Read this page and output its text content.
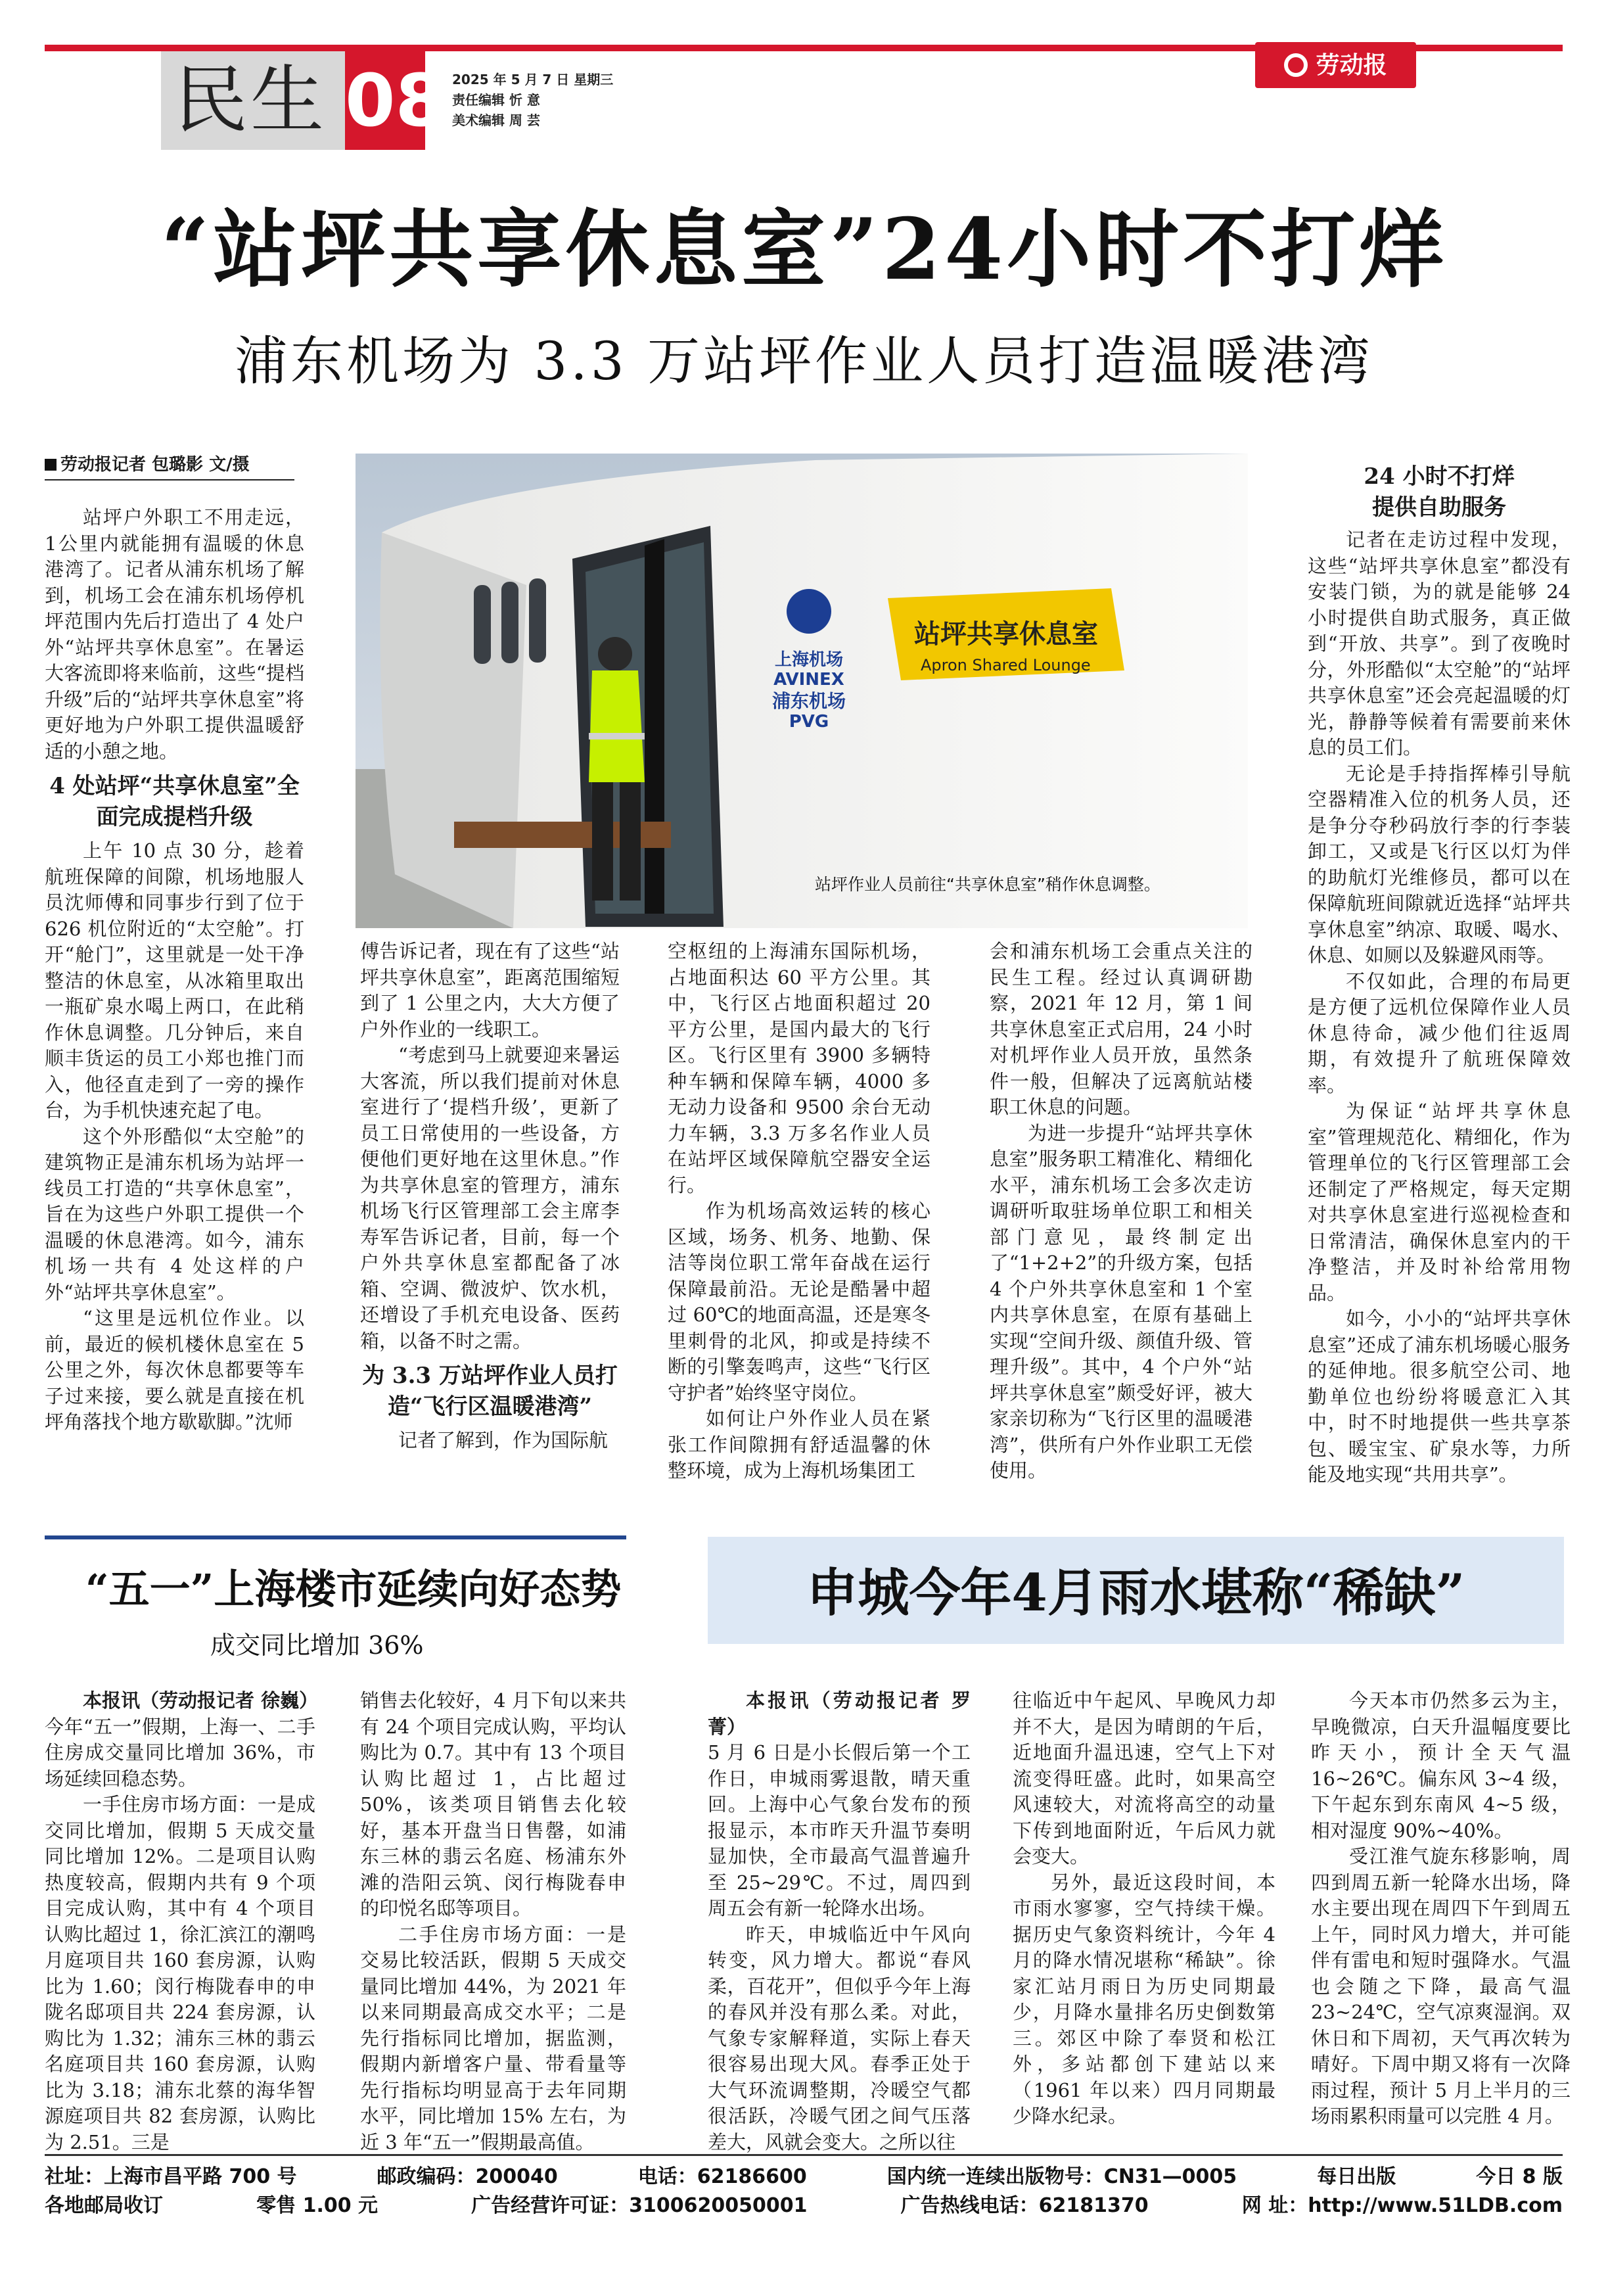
民生 08 2025 年 5 月 7 日 星期三
责任编辑 忻 意
美术编辑 周 芸
劳动报
“站坪共享休息室”24小时不打烊
浦东机场为 3.3 万站坪作业人员打造温暖港湾
劳动报记者 包璐影 文/摄

站坪户外职工不用走远，1公里内就能拥有温暖的休息港湾了。记者从浦东机场了解到，机场工会在浦东机场停机坪范围内先后打造出了 4 处户外“站坪共享休息室”。在暑运大客流即将来临前，这些“提档升级”后的“站坪共享休息室”将更好地为户外职工提供温暖舒适的小憩之地。

4 处站坪“共享休息室”全面完成提档升级

上午 10 点 30 分，趁着航班保障的间隙，机场地服人员沈师傅和同事步行到了位于 626 机位附近的“太空舱”。打开“舱门”，这里就是一处干净整洁的休息室，从冰箱里取出一瓶矿泉水喝上两口，在此稍作休息调整。几分钟后，来自顺丰货运的员工小郑也推门而入，他径直走到了一旁的操作台，为手机快速充起了电。

这个外形酷似“太空舱”的建筑物正是浦东机场为站坪一线员工打造的“共享休息室”，旨在为这些户外职工提供一个温暖的休息港湾。如今，浦东机场一共有 4 处这样的户外“站坪共享休息室”。

“这里是远机位作业。以前，最近的候机楼休息室在 5 公里之外，每次休息都要等车子过来接，要么就是直接在机坪角落找个地方歇歇脚。”沈师

上海机场
AVINEX
浦东机场
PVG
站坪共享休息室
Apron Shared Lounge
站坪作业人员前往“共享休息室”稍作休息调整。

傅告诉记者，现在有了这些“站坪共享休息室”，距离范围缩短到了 1 公里之内，大大方便了户外作业的一线职工。

“考虑到马上就要迎来暑运大客流，所以我们提前对休息室进行了‘提档升级’，更新了员工日常使用的一些设备，方便他们更好地在这里休息。”作为共享休息室的管理方，浦东机场飞行区管理部工会主席李寿军告诉记者，目前，每一个户外共享休息室都配备了冰箱、空调、微波炉、饮水机，还增设了手机充电设备、医药箱，以备不时之需。

为 3.3 万站坪作业人员打造“飞行区温暖港湾”

记者了解到，作为国际航

空枢纽的上海浦东国际机场，占地面积达 60 平方公里。其中，飞行区占地面积超过 20 平方公里，是国内最大的飞行区。飞行区里有 3900 多辆特种车辆和保障车辆，4000 多无动力设备和 9500 余台无动力车辆，3.3 万多名作业人员在站坪区域保障航空器安全运行。

作为机场高效运转的核心区域，场务、机务、地勤、保洁等岗位职工常年奋战在运行保障最前沿。无论是酷暑中超过 60℃的地面高温，还是寒冬里刺骨的北风，抑或是持续不断的引擎轰鸣声，这些“飞行区守护者”始终坚守岗位。

如何让户外作业人员在紧张工作间隙拥有舒适温馨的休整环境，成为上海机场集团工

会和浦东机场工会重点关注的民生工程。经过认真调研勘察，2021 年 12 月，第 1 间共享休息室正式启用，24 小时对机坪作业人员开放，虽然条件一般，但解决了远离航站楼职工休息的问题。

为进一步提升“站坪共享休息室”服务职工精准化、精细化水平，浦东机场工会多次走访调研听取驻场单位职工和相关部门意见，最终制定出了“1+2+2”的升级方案，包括 4 个户外共享休息室和 1 个室内共享休息室，在原有基础上实现“空间升级、颜值升级、管理升级”。其中，4 个户外“站坪共享休息室”颇受好评，被大家亲切称为“飞行区里的温暖港湾”，供所有户外作业职工无偿使用。

24 小时不打烊

提供自助服务

记者在走访过程中发现，这些“站坪共享休息室”都没有安装门锁，为的就是能够 24 小时提供自助式服务，真正做到“开放、共享”。到了夜晚时分，外形酷似“太空舱”的“站坪共享休息室”还会亮起温暖的灯光，静静等候着有需要前来休息的员工们。

无论是手持指挥棒引导航空器精准入位的机务人员，还是争分夺秒码放行李的行李装卸工，又或是飞行区以灯为伴的助航灯光维修员，都可以在保障航班间隙就近选择“站坪共享休息室”纳凉、取暖、喝水、休息、如厕以及躲避风雨等。

不仅如此，合理的布局更是方便了远机位保障作业人员休息待命，减少他们往返周期，有效提升了航班保障效率。

为保证“站坪共享休息室”管理规范化、精细化，作为管理单位的飞行区管理部工会还制定了严格规定，每天定期对共享休息室进行巡视检查和日常清洁，确保休息室内的干净整洁，并及时补给常用物品。

如今，小小的“站坪共享休息室”还成了浦东机场暖心服务的延伸地。很多航空公司、地勤单位也纷纷将暖意汇入其中，时不时地提供一些共享茶包、暖宝宝、矿泉水等，力所能及地实现“共用共享”。

“五一”上海楼市延续向好态势
成交同比增加 36%

本报讯（劳动报记者 徐巍）

今年“五一”假期，上海一、二手住房成交量同比增加 36%，市场延续回稳态势。

一手住房市场方面：一是成交同比增加，假期 5 天成交量同比增加 12%。二是项目认购热度较高，假期内共有 9 个项目完成认购，其中有 4 个项目认购比超过 1，徐汇滨江的潮鸣月庭项目共 160 套房源，认购比为 1.60；闵行梅陇春申的申陇名邸项目共 224 套房源，认购比为 1.32；浦东三林的翡云名庭项目共 160 套房源，认购比为 3.18；浦东北蔡的海华智源庭项目共 82 套房源，认购比为 2.51。三是

销售去化较好，4 月下旬以来共有 24 个项目完成认购，平均认购比为 0.7。其中有 13 个项目认购比超过 1，占比超过 50%，该类项目销售去化较好，基本开盘当日售罄，如浦东三林的翡云名庭、杨浦东外滩的浩阳云筑、闵行梅陇春申的印悦名邸等项目。

二手住房市场方面：一是交易比较活跃，假期 5 天成交量同比增加 44%，为 2021 年以来同期最高成交水平；二是先行指标同比增加，据监测，假期内新增客户量、带看量等先行指标均明显高于去年同期水平，同比增加 15% 左右，为近 3 年“五一”假期最高值。

申城今年4月雨水堪称“稀缺”

本报讯（劳动报记者 罗菁）

5 月 6 日是小长假后第一个工作日，申城雨雾退散，晴天重回。上海中心气象台发布的预报显示，本市昨天升温节奏明显加快，全市最高气温普遍升至 25~29℃。不过，周四到周五会有新一轮降水出场。

昨天，申城临近中午风向转变，风力增大。都说“春风柔，百花开”，但似乎今年上海的春风并没有那么柔。对此，气象专家解释道，实际上春天很容易出现大风。春季正处于大气环流调整期，冷暖空气都很活跃，冷暖气团之间气压落差大，风就会变大。之所以往

往临近中午起风、早晚风力却并不大，是因为晴朗的午后，近地面升温迅速，空气上下对流变得旺盛。此时，如果高空风速较大，对流将高空的动量下传到地面附近，午后风力就会变大。

另外，最近这段时间，本市雨水寥寥，空气持续干燥。据历史气象资料统计，今年 4 月的降水情况堪称“稀缺”。徐家汇站月雨日为历史同期最少，月降水量排名历史倒数第三。郊区中除了奉贤和松江外，多站都创下建站以来（1961 年以来）四月同期最少降水纪录。

今天本市仍然多云为主，早晚微凉，白天升温幅度要比昨天小，预计全天气温 16~26℃。偏东风 3~4 级，下午起东到东南风 4~5 级，相对湿度 90%~40%。

受江淮气旋东移影响，周四到周五新一轮降水出场，降水主要出现在周四下午到周五上午，同时风力增大，并可能伴有雷电和短时强降水。气温也会随之下降，最高气温 23~24℃，空气凉爽湿润。双休日和下周初，天气再次转为晴好。下周中期又将有一次降雨过程，预计 5 月上半月的三场雨累积雨量可以完胜 4 月。

社址：上海市昌平路 700 号	邮政编码：200040	电话：62186600	国内统一连续出版物号：CN31—0005	每日出版	今日 8 版
各地邮局收订	零售 1.00 元	广告经营许可证：3100620050001	广告热线电话：62181370	网 址：http://www.51LDB.com
